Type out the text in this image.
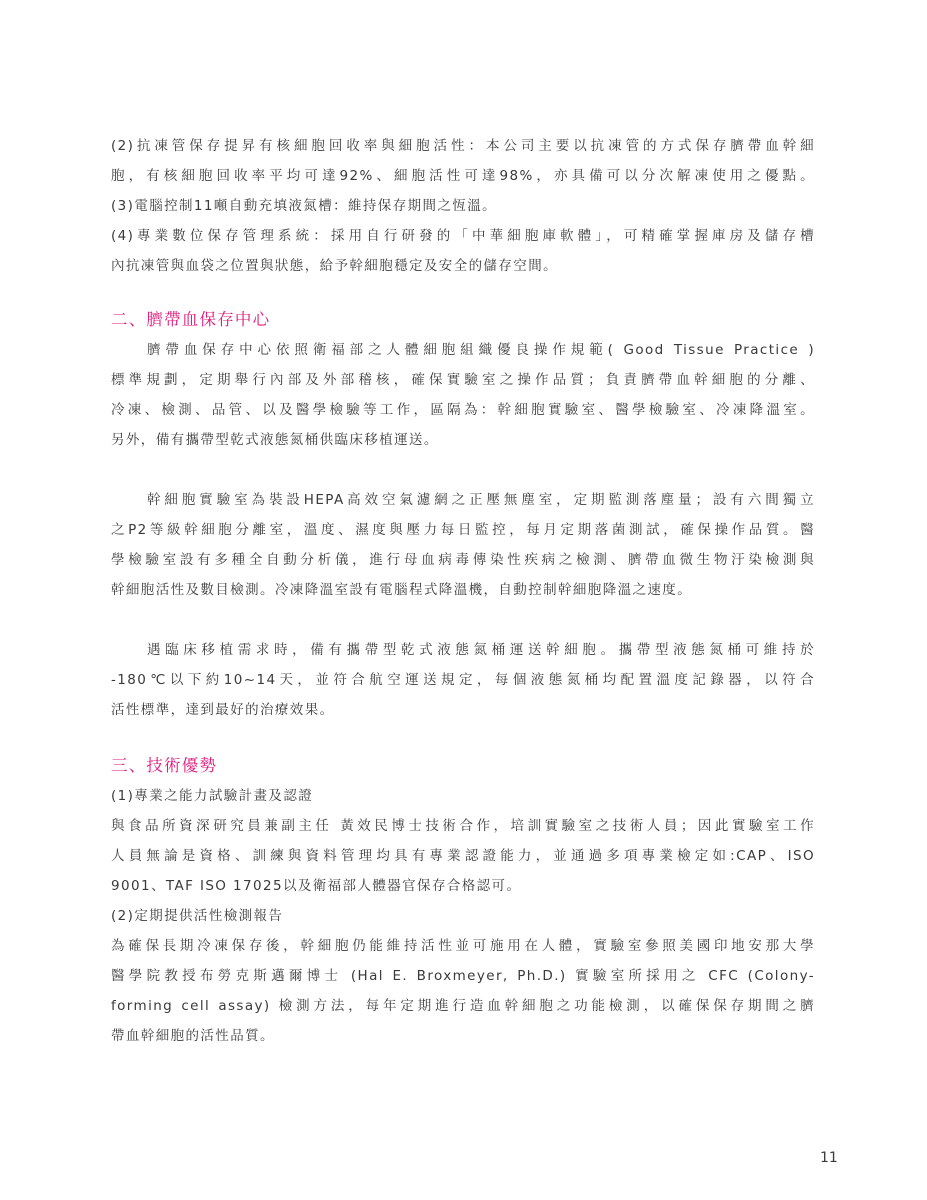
(2)抗凍管保存提昇有核細胞回收率與細胞活性：本公司主要以抗凍管的方式保存臍帶血幹細
胞，有核細胞回收率平均可達92%、細胞活性可達98%，亦具備可以分次解凍使用之優點。
(3)電腦控制11噸自動充填液氮槽：維持保存期間之恆溫。
(4)專業數位保存管理系統：採用自行研發的「中華細胞庫軟體」，可精確掌握庫房及儲存槽
內抗凍管與血袋之位置與狀態，給予幹細胞穩定及安全的儲存空間。
二、臍帶血保存中心
臍帶血保存中心依照衛福部之人體細胞組織優良操作規範( Good Tissue Practice )
標準規劃，定期舉行內部及外部稽核，確保實驗室之操作品質；負責臍帶血幹細胞的分離、
冷凍、檢測、品管、以及醫學檢驗等工作，區隔為：幹細胞實驗室、醫學檢驗室、冷凍降溫室。
另外，備有攜帶型乾式液態氮桶供臨床移植運送。
幹細胞實驗室為裝設HEPA高效空氣濾網之正壓無塵室，定期監測落塵量；設有六間獨立
之P2等級幹細胞分離室，溫度、濕度與壓力每日監控，每月定期落菌測試，確保操作品質。醫
學檢驗室設有多種全自動分析儀，進行母血病毒傳染性疾病之檢測、臍帶血微生物汙染檢測與
幹細胞活性及數目檢測。冷凍降溫室設有電腦程式降溫機，自動控制幹細胞降溫之速度。
遇臨床移植需求時，備有攜帶型乾式液態氮桶運送幹細胞。攜帶型液態氮桶可維持於
-180℃以下約10~14天，並符合航空運送規定，每個液態氮桶均配置溫度記錄器，以符合
活性標準，達到最好的治療效果。
三、技術優勢
(1)專業之能力試驗計畫及認證
與食品所資深研究員兼副主任 黃效民博士技術合作，培訓實驗室之技術人員；因此實驗室工作
人員無論是資格、訓練與資料管理均具有專業認證能力，並通過多項專業檢定如:CAP、ISO
9001、TAF ISO 17025以及衛福部人體器官保存合格認可。
(2)定期提供活性檢測報告
為確保長期冷凍保存後，幹細胞仍能維持活性並可施用在人體，實驗室參照美國印地安那大學
醫學院教授布勞克斯邁爾博士 (Hal E. Broxmeyer, Ph.D.) 實驗室所採用之 CFC (Colony-
forming cell assay) 檢測方法，每年定期進行造血幹細胞之功能檢測，以確保保存期間之臍
帶血幹細胞的活性品質。
11
